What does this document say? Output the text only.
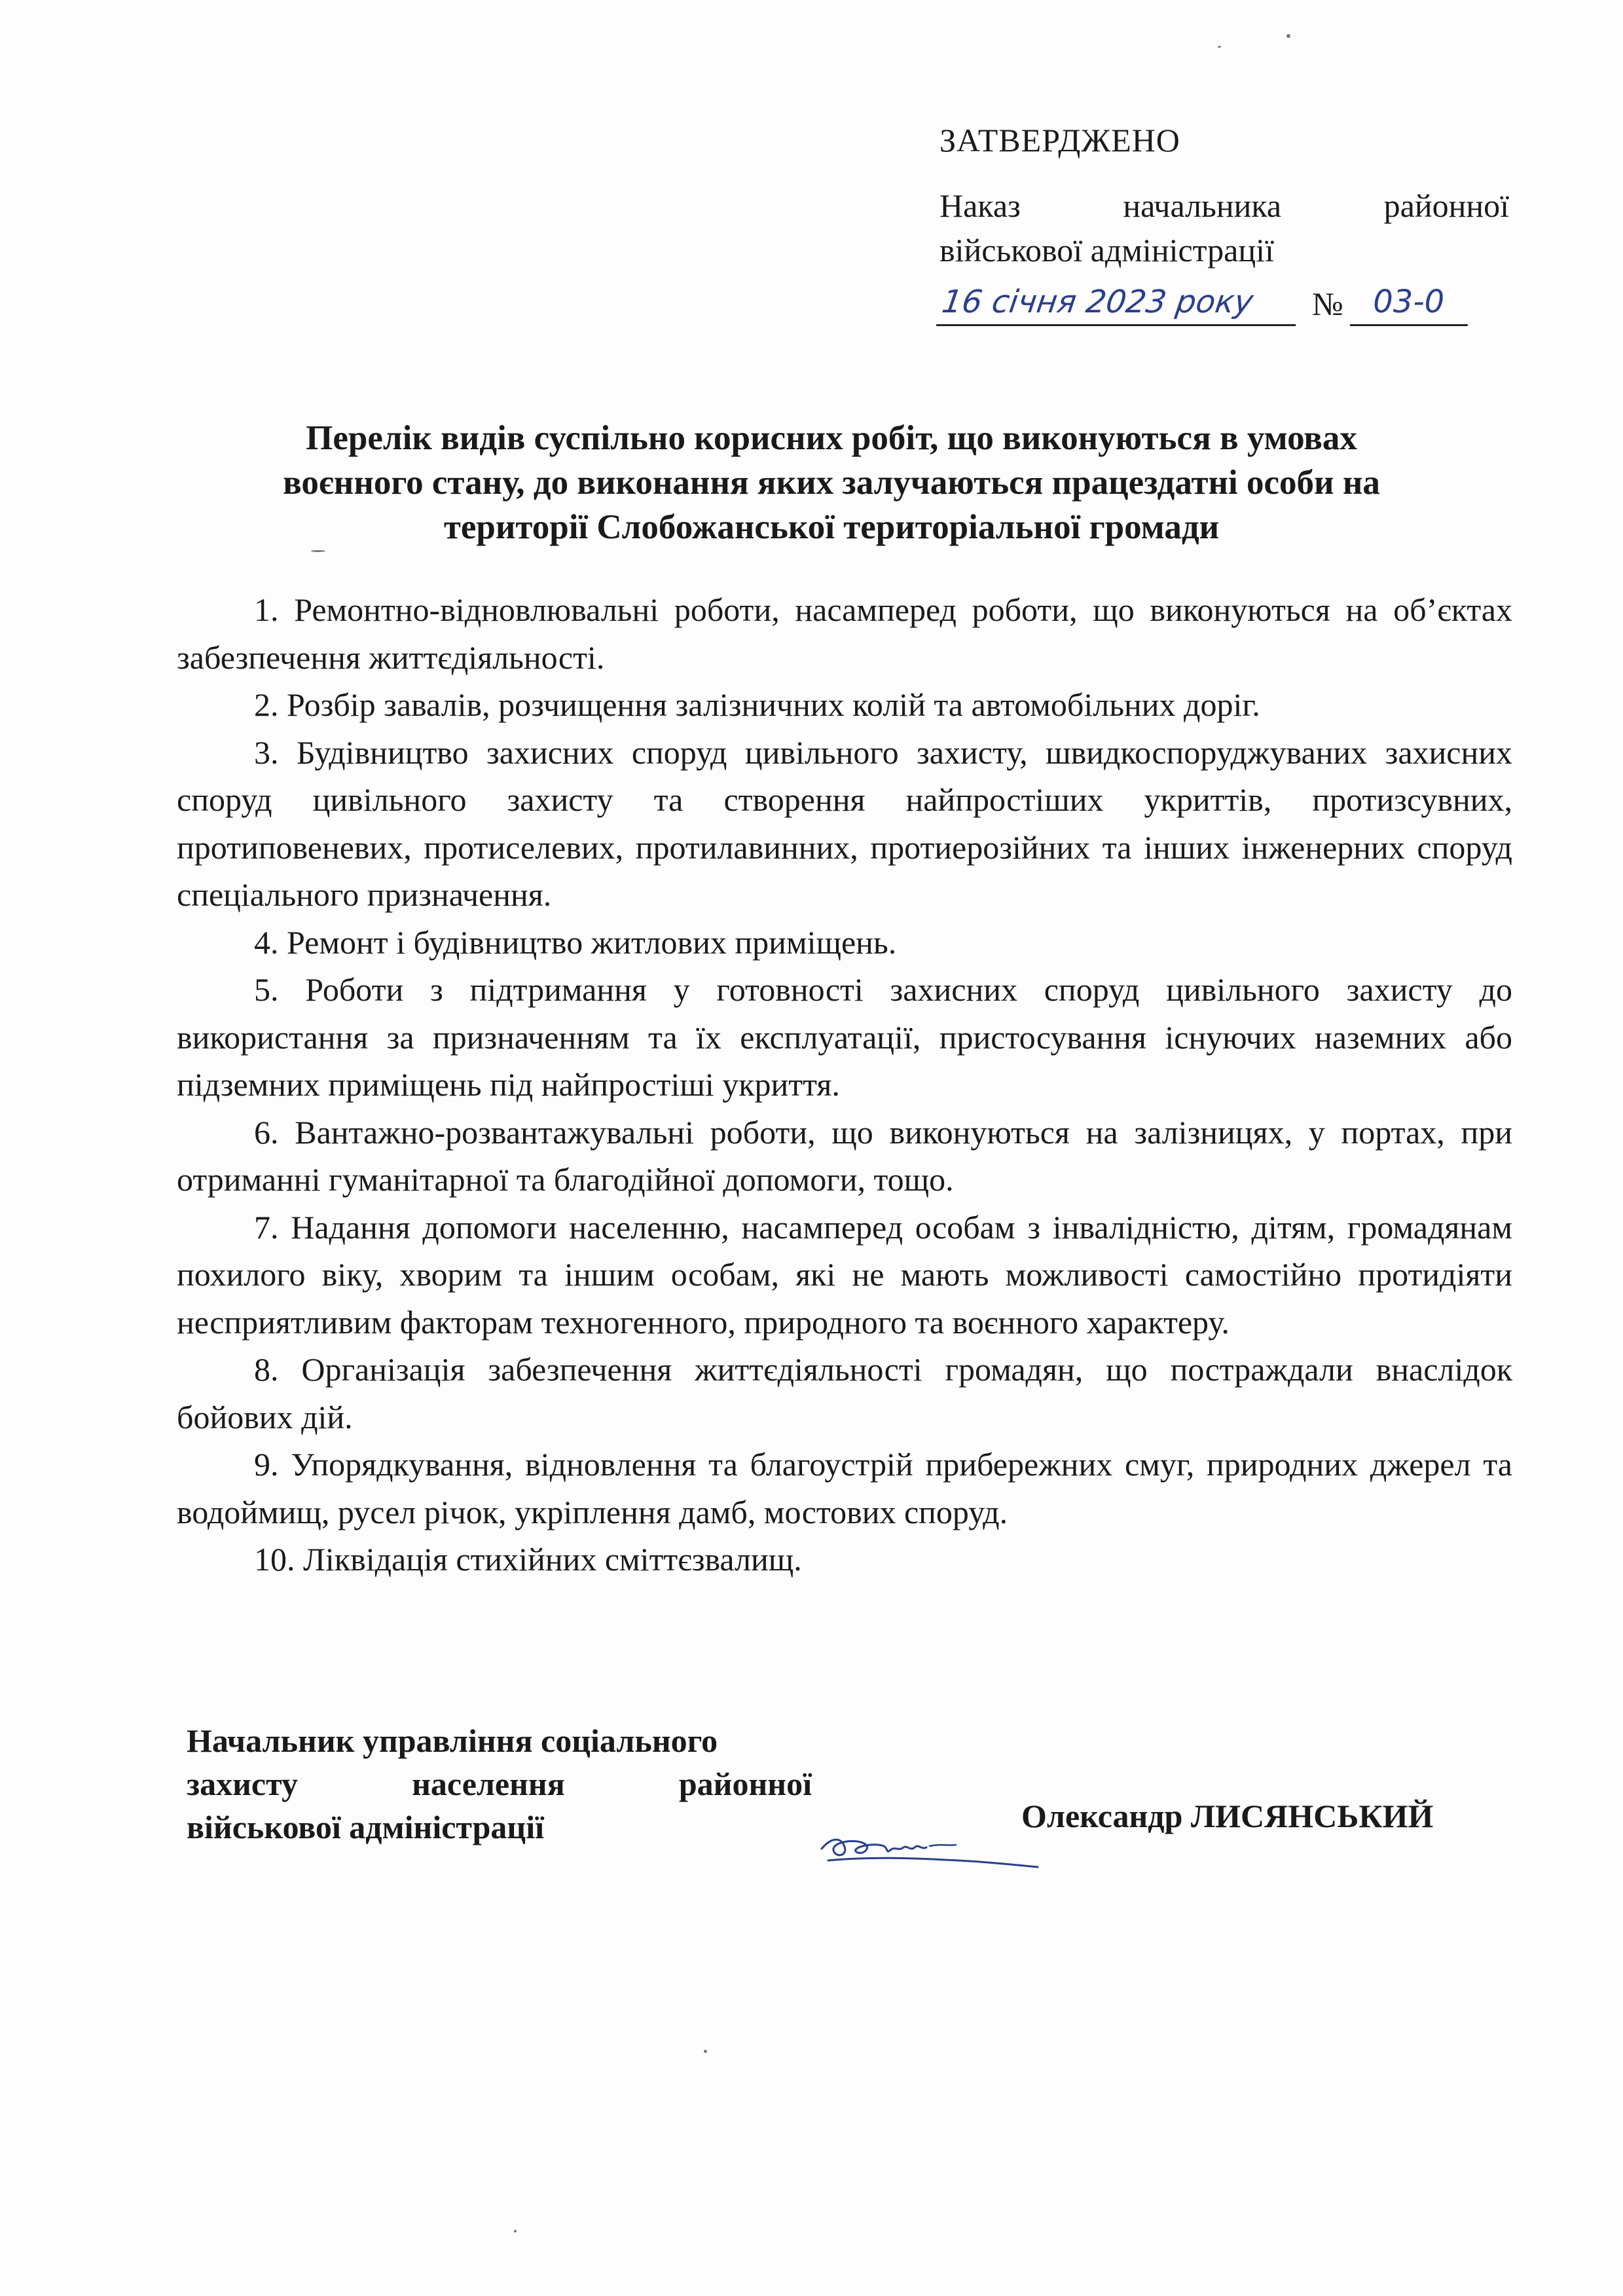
ЗАТВЕРДЖЕНО
Наказ	начальника	районної
військової адміністрації
16 січня 2023 року	№ 03-0
Перелік видів суспільно корисних робіт, що виконуються в умовах
воєнного стану, до виконання яких залучаються працездатні особи на
території Слобожанської територіальної громади

1. Ремонтно-відновлювальні роботи, насамперед роботи, що виконуються на об’єктах забезпечення життєдіяльності.

2. Розбір завалів, розчищення залізничних колій та автомобільних доріг.

3. Будівництво захисних споруд цивільного захисту, швидкоспоруджуваних захисних споруд цивільного захисту та створення найпростіших укриттів, протизсувних, протиповеневих, протиселевих, протилавинних, протиерозійних та інших інженерних споруд спеціального призначення.

4. Ремонт і будівництво житлових приміщень.

5. Роботи з підтримання у готовності захисних споруд цивільного захисту до використання за призначенням та їх експлуатації, пристосування існуючих наземних або підземних приміщень під найпростіші укриття.

6. Вантажно-розвантажувальні роботи, що виконуються на залізницях, у портах, при отриманні гуманітарної та благодійної допомоги, тощо.

7. Надання допомоги населенню, насамперед особам з інвалідністю, дітям, громадянам похилого віку, хворим та іншим особам, які не мають можливості самостійно протидіяти несприятливим факторам техногенного, природного та воєнного характеру.

8. Організація забезпечення життєдіяльності громадян, що постраждали внаслідок бойових дій.

9. Упорядкування, відновлення та благоустрій прибережних смуг, природних джерел та водоймищ, русел річок, укріплення дамб, мостових споруд.

10. Ліквідація стихійних сміттєзвалищ.

Начальник управління соціального
захисту	населення	районної
військової адміністрації	Олександр ЛИСЯНСЬКИЙ
